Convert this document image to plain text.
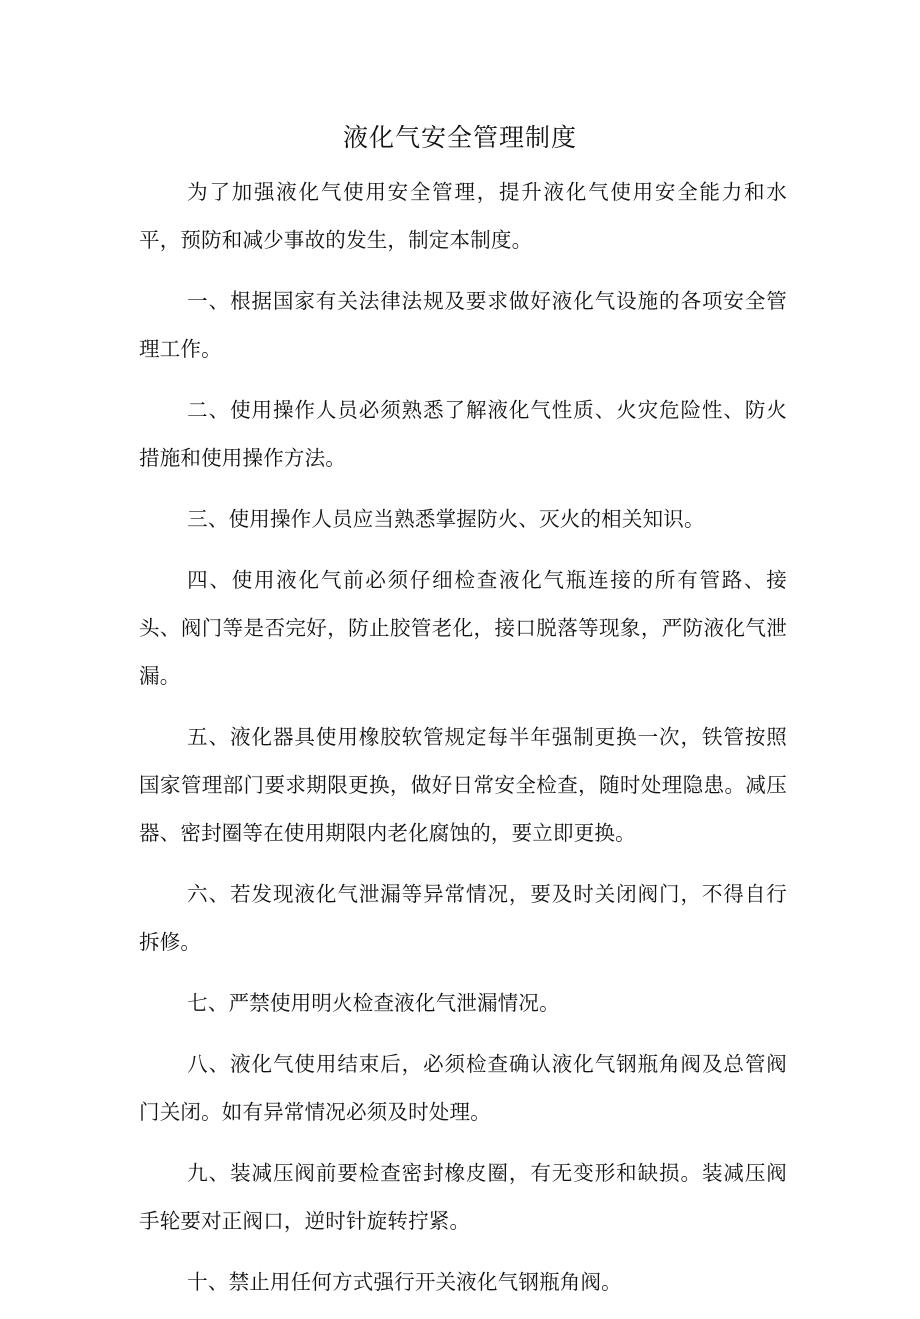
液化气安全管理制度

为了加强液化气使用安全管理，提升液化气使用安全能力和水平，预防和减少事故的发生，制定本制度。

一、根据国家有关法律法规及要求做好液化气设施的各项安全管理工作。

二、使用操作人员必须熟悉了解液化气性质、火灾危险性、防火措施和使用操作方法。

三、使用操作人员应当熟悉掌握防火、灭火的相关知识。

四、使用液化气前必须仔细检查液化气瓶连接的所有管路、接头、阀门等是否完好，防止胶管老化，接口脱落等现象，严防液化气泄漏。

五、液化器具使用橡胶软管规定每半年强制更换一次，铁管按照国家管理部门要求期限更换，做好日常安全检查，随时处理隐患。减压器、密封圈等在使用期限内老化腐蚀的，要立即更换。

六、若发现液化气泄漏等异常情况，要及时关闭阀门，不得自行拆修。

七、严禁使用明火检查液化气泄漏情况。

八、液化气使用结束后，必须检查确认液化气钢瓶角阀及总管阀门关闭。如有异常情况必须及时处理。

九、装减压阀前要检查密封橡皮圈，有无变形和缺损。装减压阀手轮要对正阀口，逆时针旋转拧紧。

十、禁止用任何方式强行开关液化气钢瓶角阀。
